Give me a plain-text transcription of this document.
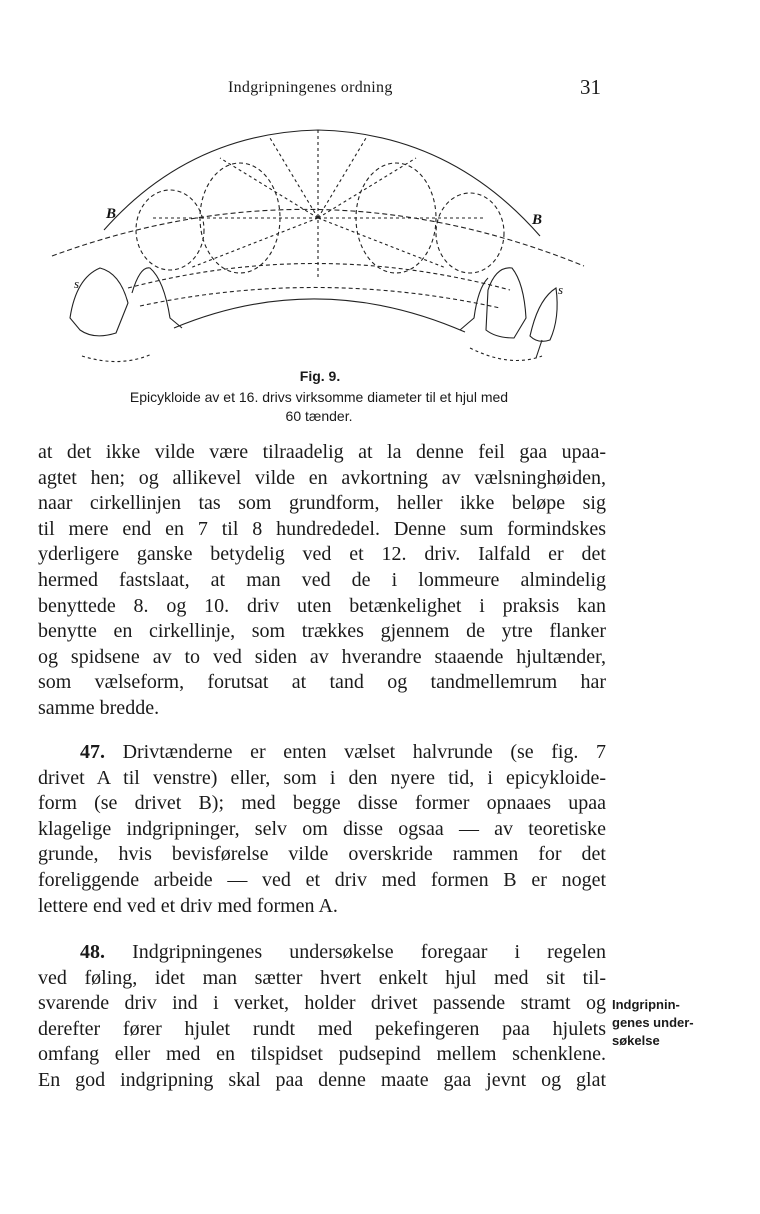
Indgripningenes ordning	31
B	B
s	s
Fig. 9.
Epicykloide av et 16. drivs virksomme diameter til et hjul med
60 tænder.
at det ikke vilde være tilraadelig at la denne feil gaa upaa-
agtet hen; og allikevel vilde en avkortning av vælsninghøiden,
naar cirkellinjen tas som grundform, heller ikke beløpe sig
til mere end en 7 til 8 hundrededel. Denne sum formindskes
yderligere ganske betydelig ved et 12. driv. Ialfald er det
hermed fastslaat, at man ved de i lommeure almindelig
benyttede 8. og 10. driv uten betænkelighet i praksis kan
benytte en cirkellinje, som trækkes gjennem de ytre flanker
og spidsene av to ved siden av hverandre staaende hjultænder,
som vælseform, forutsat at tand og tandmellemrum har
samme bredde.
47. Drivtænderne er enten vælset halvrunde (se fig. 7
drivet A til venstre) eller, som i den nyere tid, i epicykloide-
form (se drivet B); med begge disse former opnaaes upaa
klagelige indgripninger, selv om disse ogsaa — av teoretiske
grunde, hvis bevisførelse vilde overskride rammen for det
foreliggende arbeide — ved et driv med formen B er noget
lettere end ved et driv med formen A.
48. Indgripningenes undersøkelse foregaar i regelen
ved føling, idet man sætter hvert enkelt hjul med sit til-
svarende driv ind i verket, holder drivet passende stramt og
derefter fører hjulet rundt med pekefingeren paa hjulets
omfang eller med en tilspidset pudsepind mellem schenklene.
En god indgripning skal paa denne maate gaa jevnt og glat
Indgripnin-
genes under-
søkelse
